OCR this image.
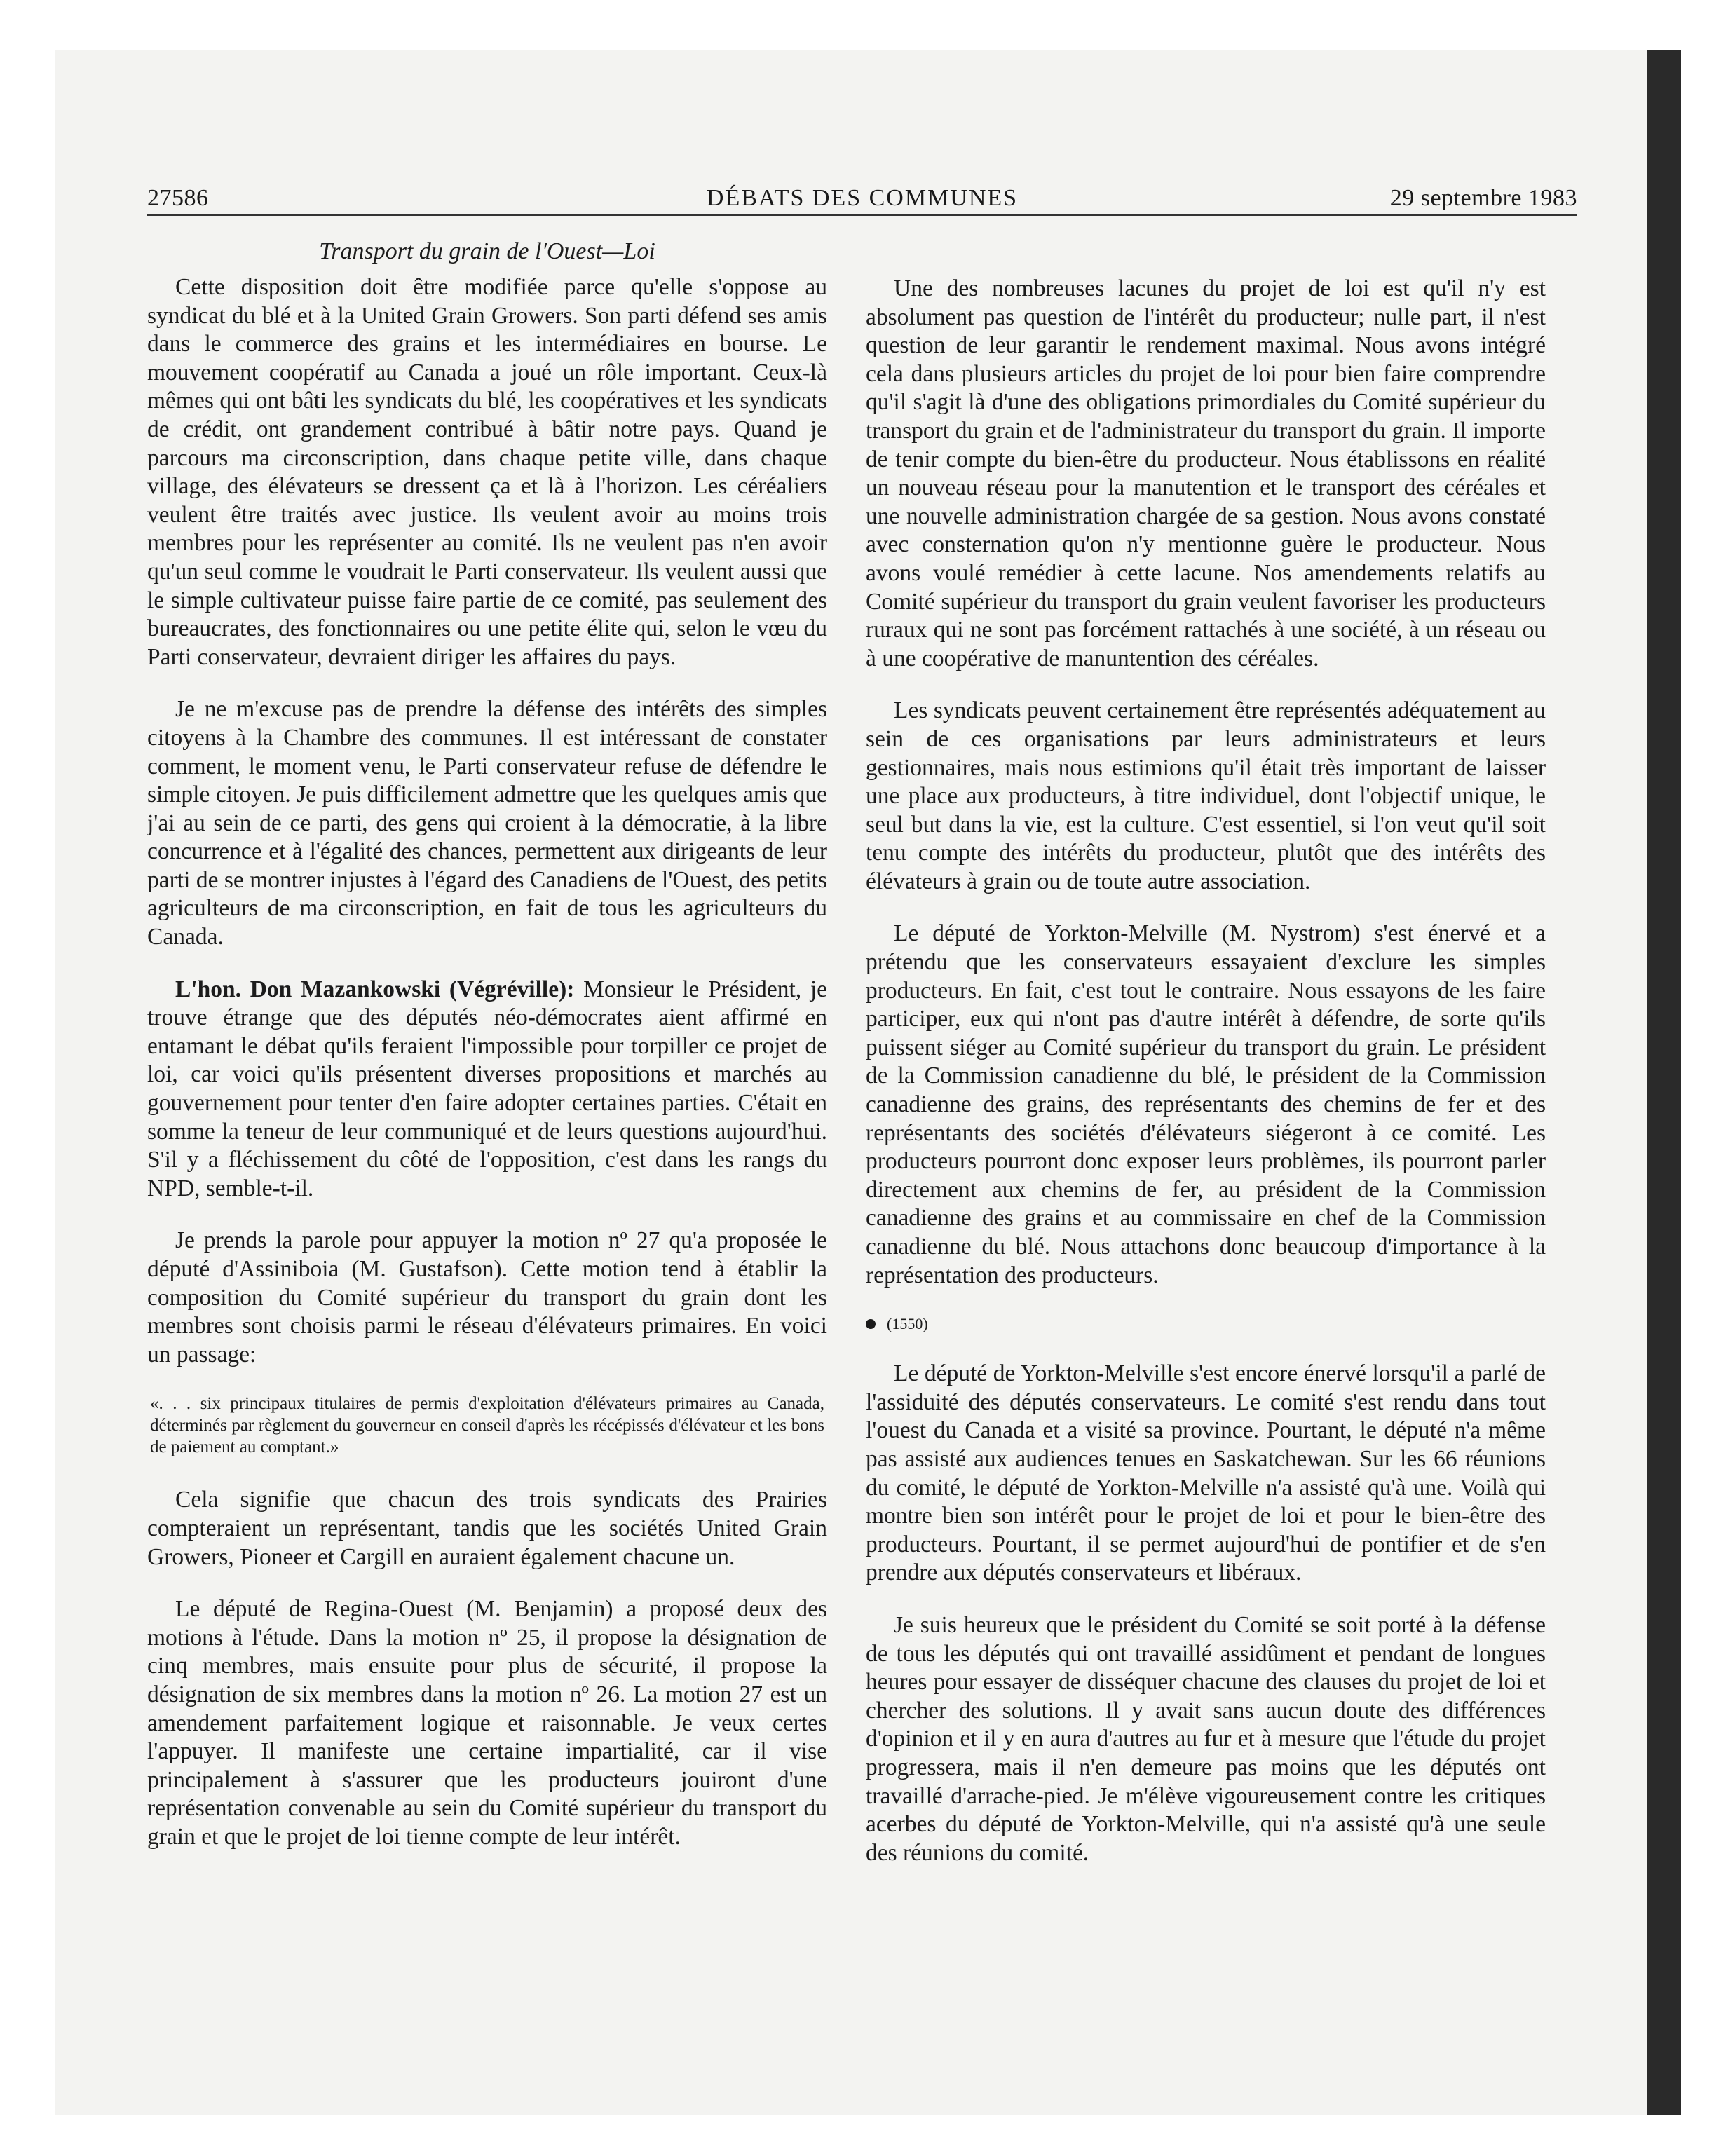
DÉBATS DES COMMUNES
27586	29 septembre 1983
Transport du grain de l'Ouest—Loi

Cette disposition doit être modifiée parce qu'elle s'oppose au syndicat du blé et à la United Grain Growers. Son parti défend ses amis dans le commerce des grains et les intermédiaires en bourse. Le mouvement coopératif au Canada a joué un rôle important. Ceux-là mêmes qui ont bâti les syndicats du blé, les coopératives et les syndicats de crédit, ont grandement contribué à bâtir notre pays. Quand je parcours ma circonscription, dans chaque petite ville, dans chaque village, des élévateurs se dressent ça et là à l'horizon. Les céréaliers veulent être traités avec justice. Ils veulent avoir au moins trois membres pour les représenter au comité. Ils ne veulent pas n'en avoir qu'un seul comme le voudrait le Parti conservateur. Ils veulent aussi que le simple cultivateur puisse faire partie de ce comité, pas seulement des bureaucrates, des fonctionnaires ou une petite élite qui, selon le vœu du Parti conservateur, devraient diriger les affaires du pays.

Je ne m'excuse pas de prendre la défense des intérêts des simples citoyens à la Chambre des communes. Il est intéressant de constater comment, le moment venu, le Parti conservateur refuse de défendre le simple citoyen. Je puis difficilement admettre que les quelques amis que j'ai au sein de ce parti, des gens qui croient à la démocratie, à la libre concurrence et à l'égalité des chances, permettent aux dirigeants de leur parti de se montrer injustes à l'égard des Canadiens de l'Ouest, des petits agriculteurs de ma circonscription, en fait de tous les agriculteurs du Canada.

L'hon. Don Mazankowski (Végréville): Monsieur le Président, je trouve étrange que des députés néo-démocrates aient affirmé en entamant le débat qu'ils feraient l'impossible pour torpiller ce projet de loi, car voici qu'ils présentent diverses propositions et marchés au gouvernement pour tenter d'en faire adopter certaines parties. C'était en somme la teneur de leur communiqué et de leurs questions aujourd'hui. S'il y a fléchissement du côté de l'opposition, c'est dans les rangs du NPD, semble-t-il.

Je prends la parole pour appuyer la motion nº 27 qu'a proposée le député d'Assiniboia (M. Gustafson). Cette motion tend à établir la composition du Comité supérieur du transport du grain dont les membres sont choisis parmi le réseau d'élévateurs primaires. En voici un passage:

«. . . six principaux titulaires de permis d'exploitation d'élévateurs primaires au Canada, déterminés par règlement du gouverneur en conseil d'après les récépissés d'élévateur et les bons de paiement au comptant.»

Cela signifie que chacun des trois syndicats des Prairies compteraient un représentant, tandis que les sociétés United Grain Growers, Pioneer et Cargill en auraient également chacune un.

Le député de Regina-Ouest (M. Benjamin) a proposé deux des motions à l'étude. Dans la motion nº 25, il propose la désignation de cinq membres, mais ensuite pour plus de sécurité, il propose la désignation de six membres dans la motion nº 26. La motion 27 est un amendement parfaitement logique et raisonnable. Je veux certes l'appuyer. Il manifeste une certaine impartialité, car il vise principalement à s'assurer que les producteurs jouiront d'une représentation convenable au sein du Comité supérieur du transport du grain et que le projet de loi tienne compte de leur intérêt.

Une des nombreuses lacunes du projet de loi est qu'il n'y est absolument pas question de l'intérêt du producteur; nulle part, il n'est question de leur garantir le rendement maximal. Nous avons intégré cela dans plusieurs articles du projet de loi pour bien faire comprendre qu'il s'agit là d'une des obligations primordiales du Comité supérieur du transport du grain et de l'administrateur du transport du grain. Il importe de tenir compte du bien-être du producteur. Nous établissons en réalité un nouveau réseau pour la manutention et le transport des céréales et une nouvelle administration chargée de sa gestion. Nous avons constaté avec consternation qu'on n'y mentionne guère le producteur. Nous avons voulé remédier à cette lacune. Nos amendements relatifs au Comité supérieur du transport du grain veulent favoriser les producteurs ruraux qui ne sont pas forcément rattachés à une société, à un réseau ou à une coopérative de manuntention des céréales.

Les syndicats peuvent certainement être représentés adéquatement au sein de ces organisations par leurs administrateurs et leurs gestionnaires, mais nous estimions qu'il était très important de laisser une place aux producteurs, à titre individuel, dont l'objectif unique, le seul but dans la vie, est la culture. C'est essentiel, si l'on veut qu'il soit tenu compte des intérêts du producteur, plutôt que des intérêts des élévateurs à grain ou de toute autre association.

Le député de Yorkton-Melville (M. Nystrom) s'est énervé et a prétendu que les conservateurs essayaient d'exclure les simples producteurs. En fait, c'est tout le contraire. Nous essayons de les faire participer, eux qui n'ont pas d'autre intérêt à défendre, de sorte qu'ils puissent siéger au Comité supérieur du transport du grain. Le président de la Commission canadienne du blé, le président de la Commission canadienne des grains, des représentants des chemins de fer et des représentants des sociétés d'élévateurs siégeront à ce comité. Les producteurs pourront donc exposer leurs problèmes, ils pourront parler directement aux chemins de fer, au président de la Commission canadienne des grains et au commissaire en chef de la Commission canadienne du blé. Nous attachons donc beaucoup d'importance à la représentation des producteurs.

(1550)

Le député de Yorkton-Melville s'est encore énervé lorsqu'il a parlé de l'assiduité des députés conservateurs. Le comité s'est rendu dans tout l'ouest du Canada et a visité sa province. Pourtant, le député n'a même pas assisté aux audiences tenues en Saskatchewan. Sur les 66 réunions du comité, le député de Yorkton-Melville n'a assisté qu'à une. Voilà qui montre bien son intérêt pour le projet de loi et pour le bien-être des producteurs. Pourtant, il se permet aujourd'hui de pontifier et de s'en prendre aux députés conservateurs et libéraux.

Je suis heureux que le président du Comité se soit porté à la défense de tous les députés qui ont travaillé assidûment et pendant de longues heures pour essayer de disséquer chacune des clauses du projet de loi et chercher des solutions. Il y avait sans aucun doute des différences d'opinion et il y en aura d'autres au fur et à mesure que l'étude du projet progressera, mais il n'en demeure pas moins que les députés ont travaillé d'arrache-pied. Je m'élève vigoureusement contre les critiques acerbes du député de Yorkton-Melville, qui n'a assisté qu'à une seule des réunions du comité.
